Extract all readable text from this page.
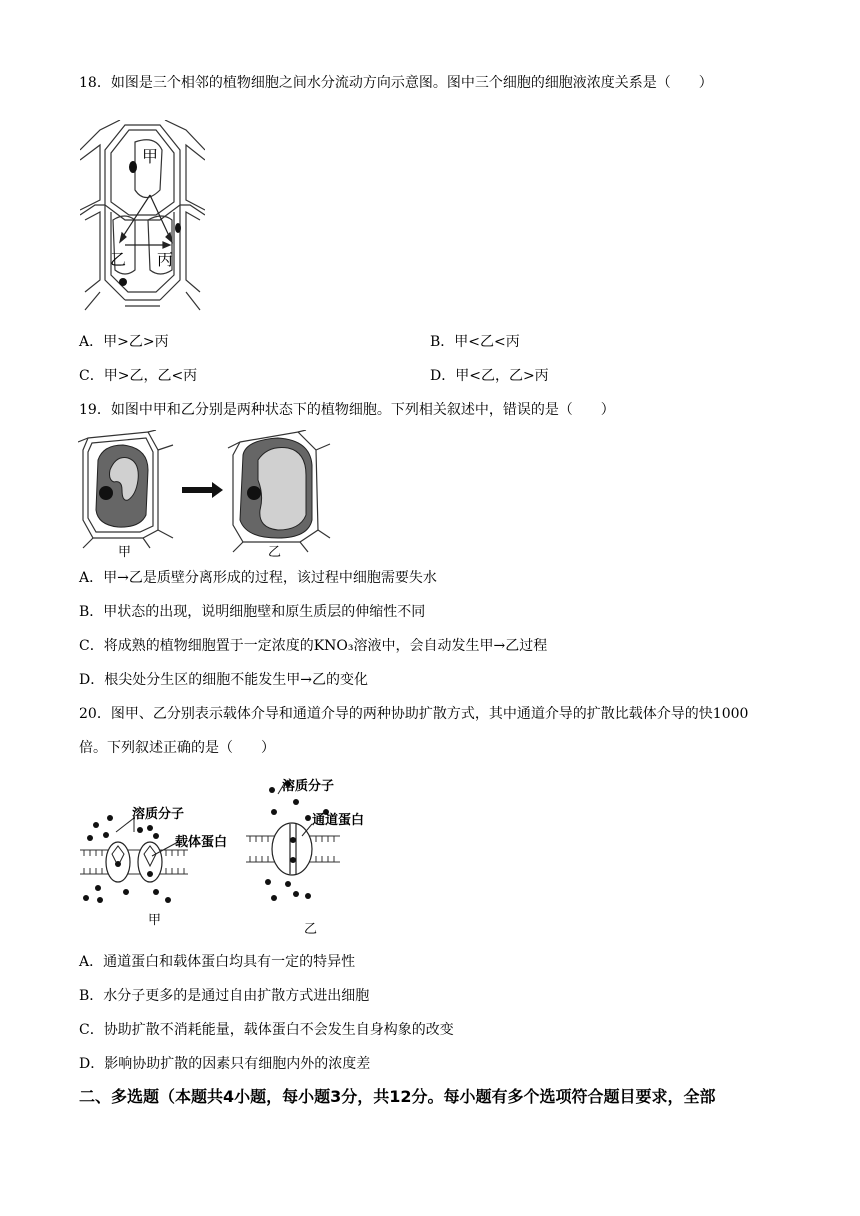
18．如图是三个相邻的植物细胞之间水分流动方向示意图。图中三个细胞的细胞液浓度关系是（　　）
甲
乙 丙
A．甲>乙>丙	B．甲<乙<丙
C．甲>乙，乙<丙	D．甲<乙，乙>丙
19．如图中甲和乙分别是两种状态下的植物细胞。下列相关叙述中，错误的是（　　）
甲	乙
A．甲→乙是质壁分离形成的过程，该过程中细胞需要失水
B．甲状态的出现，说明细胞壁和原生质层的伸缩性不同
C．将成熟的植物细胞置于一定浓度的KNO₃溶液中，会自动发生甲→乙过程
D．根尖处分生区的细胞不能发生甲→乙的变化
20．图甲、乙分别表示载体介导和通道介导的两种协助扩散方式，其中通道介导的扩散比载体介导的快1000
倍。下列叙述正确的是（　　）
溶质分子
载体蛋白
甲
溶质分子
通道蛋白
乙
A．通道蛋白和载体蛋白均具有一定的特异性
B．水分子更多的是通过自由扩散方式进出细胞
C．协助扩散不消耗能量，载体蛋白不会发生自身构象的改变
D．影响协助扩散的因素只有细胞内外的浓度差
二、多选题（本题共4小题，每小题3分，共12分。每小题有多个选项符合题目要求，全部
